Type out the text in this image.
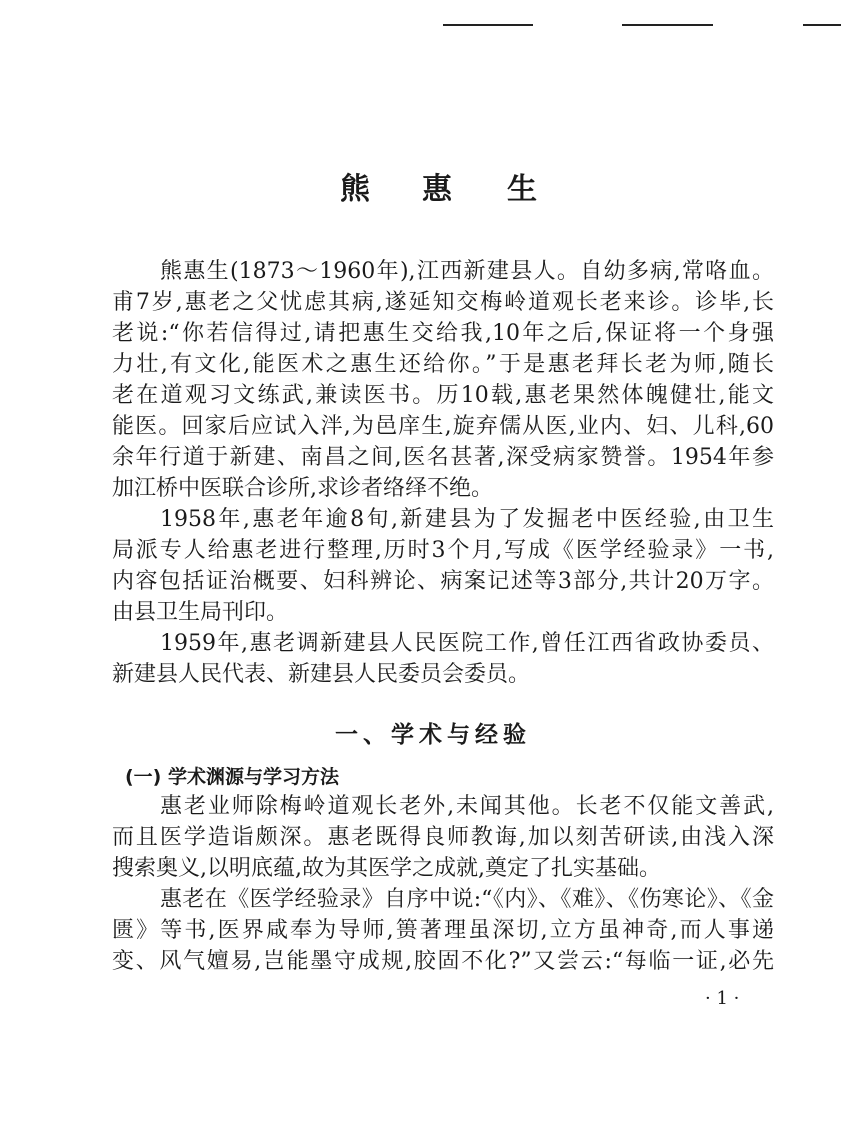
熊 惠 生
熊惠生(1873～1960年),江西新建县人。自幼多病,常咯血。
甫7岁,惠老之父忧虑其病,遂延知交梅岭道观长老来诊。诊毕,长
老说:“你若信得过,请把惠生交给我,10年之后,保证将一个身强
力壮,有文化,能医术之惠生还给你。”于是惠老拜长老为师,随长
老在道观习文练武,兼读医书。历10载,惠老果然体魄健壮,能文
能医。回家后应试入泮,为邑庠生,旋弃儒从医,业内、妇、儿科,60
余年行道于新建、南昌之间,医名甚著,深受病家赞誉。1954年参
加江桥中医联合诊所,求诊者络绎不绝。
1958年,惠老年逾8旬,新建县为了发掘老中医经验,由卫生
局派专人给惠老进行整理,历时3个月,写成《医学经验录》一书,
内容包括证治概要、妇科辨论、病案记述等3部分,共计20万字。
由县卫生局刊印。
1959年,惠老调新建县人民医院工作,曾任江西省政协委员、
新建县人民代表、新建县人民委员会委员。
一、学术与经验
(一) 学术渊源与学习方法
惠老业师除梅岭道观长老外,未闻其他。长老不仅能文善武,
而且医学造诣颇深。惠老既得良师教诲,加以刻苦研读,由浅入深
搜索奥义,以明底蕴,故为其医学之成就,奠定了扎实基础。
惠老在《医学经验录》自序中说:“《内》、《难》、《伤寒论》、《金
匮》等书,医界咸奉为导师,篑著理虽深切,立方虽神奇,而人事递
变、风气嬗易,岂能墨守成规,胶固不化?”又尝云:“每临一证,必先
· 1 ·
